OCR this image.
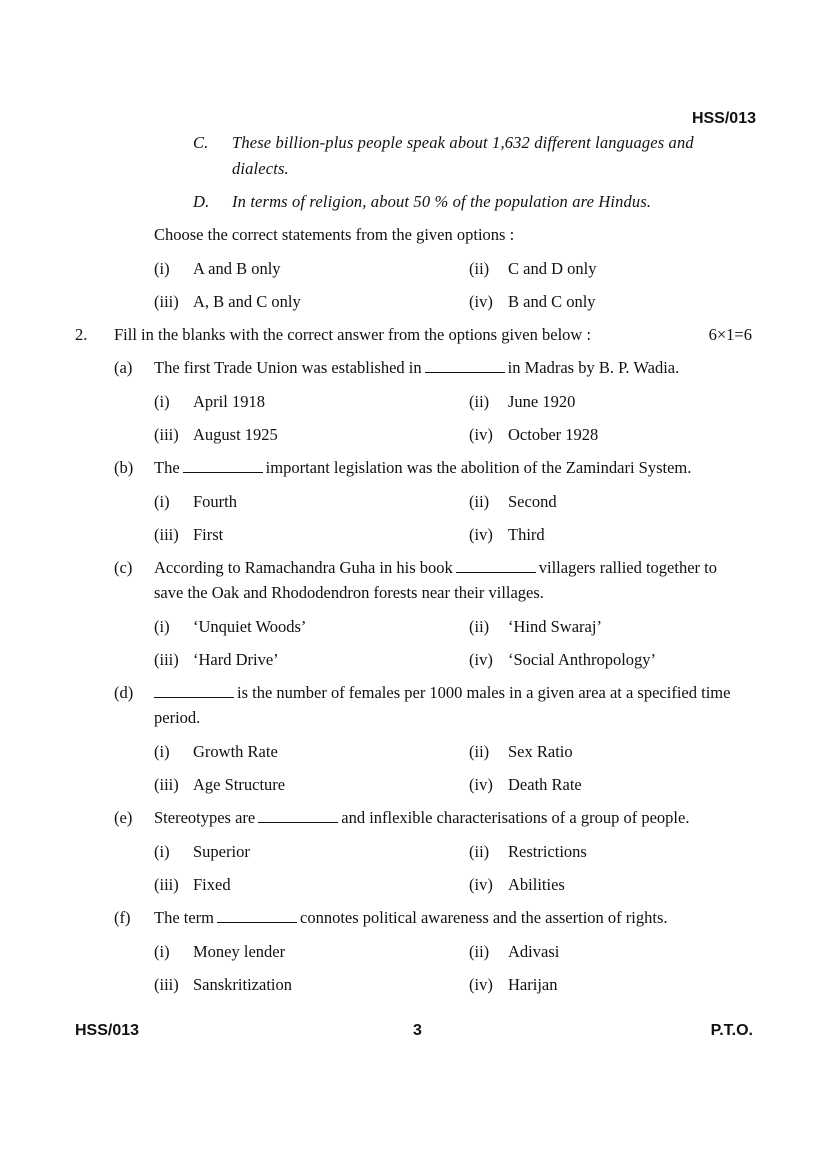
HSS/013
C. These billion-plus people speak about 1,632 different languages and
dialects.
D. In terms of religion, about 50 % of the population are Hindus.
Choose the correct statements from the given options :
(i) A and B only	(ii) C and D only
(iii) A, B and C only	(iv) B and C only
2. Fill in the blanks with the correct answer from the options given below :	6×1=6
(a) The first Trade Union was established in	in Madras by B. P. Wadia.
(i) April 1918	(ii) June 1920
(iii) August 1925	(iv) October 1928
(b) The	important legislation was the abolition of the Zamindari System.
(i) Fourth	(ii) Second
(iii) First	(iv) Third
(c) According to Ramachandra Guha in his book	villagers rallied together to
save the Oak and Rhododendron forests near their villages.
(i) ‘Unquiet Woods’	(ii) ‘Hind Swaraj’
(iii) ‘Hard Drive’	(iv) ‘Social Anthropology’
(d)	is the number of females per 1000 males in a given area at a specified time
period.
(i) Growth Rate	(ii) Sex Ratio
(iii) Age Structure	(iv) Death Rate
(e) Stereotypes are	and inflexible characterisations of a group of people.
(i) Superior	(ii) Restrictions
(iii) Fixed	(iv) Abilities
(f) The term	connotes political awareness and the assertion of rights.
(i) Money lender	(ii) Adivasi
(iii) Sanskritization	(iv) Harijan
HSS/013	3	P.T.O.
